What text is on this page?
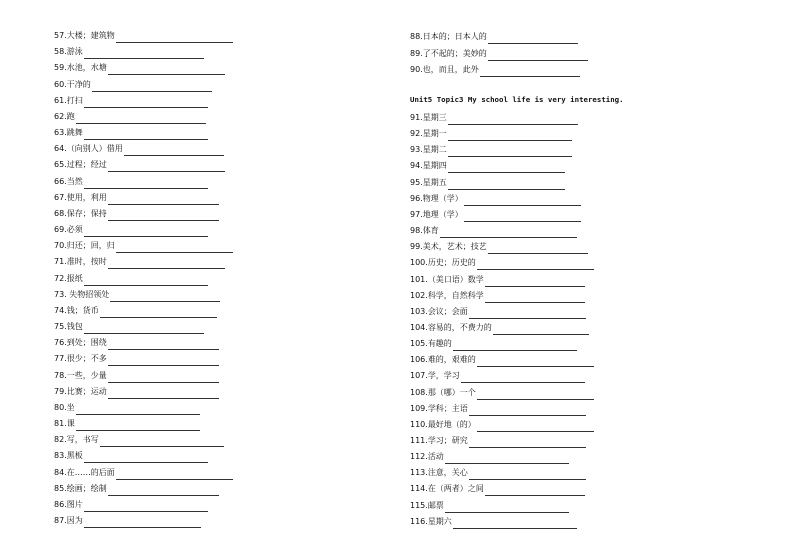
57.大楼；建筑物
58.游泳
59.水池，水塘
60.干净的
61.打扫
62.跑
63.跳舞
64.（向别人）借用
65.过程；经过
66.当然
67.使用，利用
68.保存；保持
69.必须
70.归还；回，归
71.准时，按时
72.报纸
73. 失物招领处
74.钱；货币
75.钱包
76.到处；围绕
77.很少；不多
78.一些，少量
79.比赛；运动
80.坐
81.课
82.写，书写
83.黑板
84.在……的后面
85.绘画；绘制
86.图片
87.因为
Unit5 Topic3 My school life is very interesting.
88.日本的；日本人的
89.了不起的；美妙的
90.也，而且，此外
91.星期三
92.星期一
93.星期二
94.星期四
95.星期五
96.物理（学）
97.地理（学）
98.体育
99.美术，艺术；技艺
100.历史；历史的
101.（美口语）数学
102.科学，自然科学
103.会议；会面
104.容易的，不费力的
105.有趣的
106.难的，艰难的
107.学，学习
108.那（哪）一个
109.学科；主语
110.最好地（的）
111.学习；研究
112.活动
113.注意，关心
114.在（两者）之间
115.邮票
116.星期六
